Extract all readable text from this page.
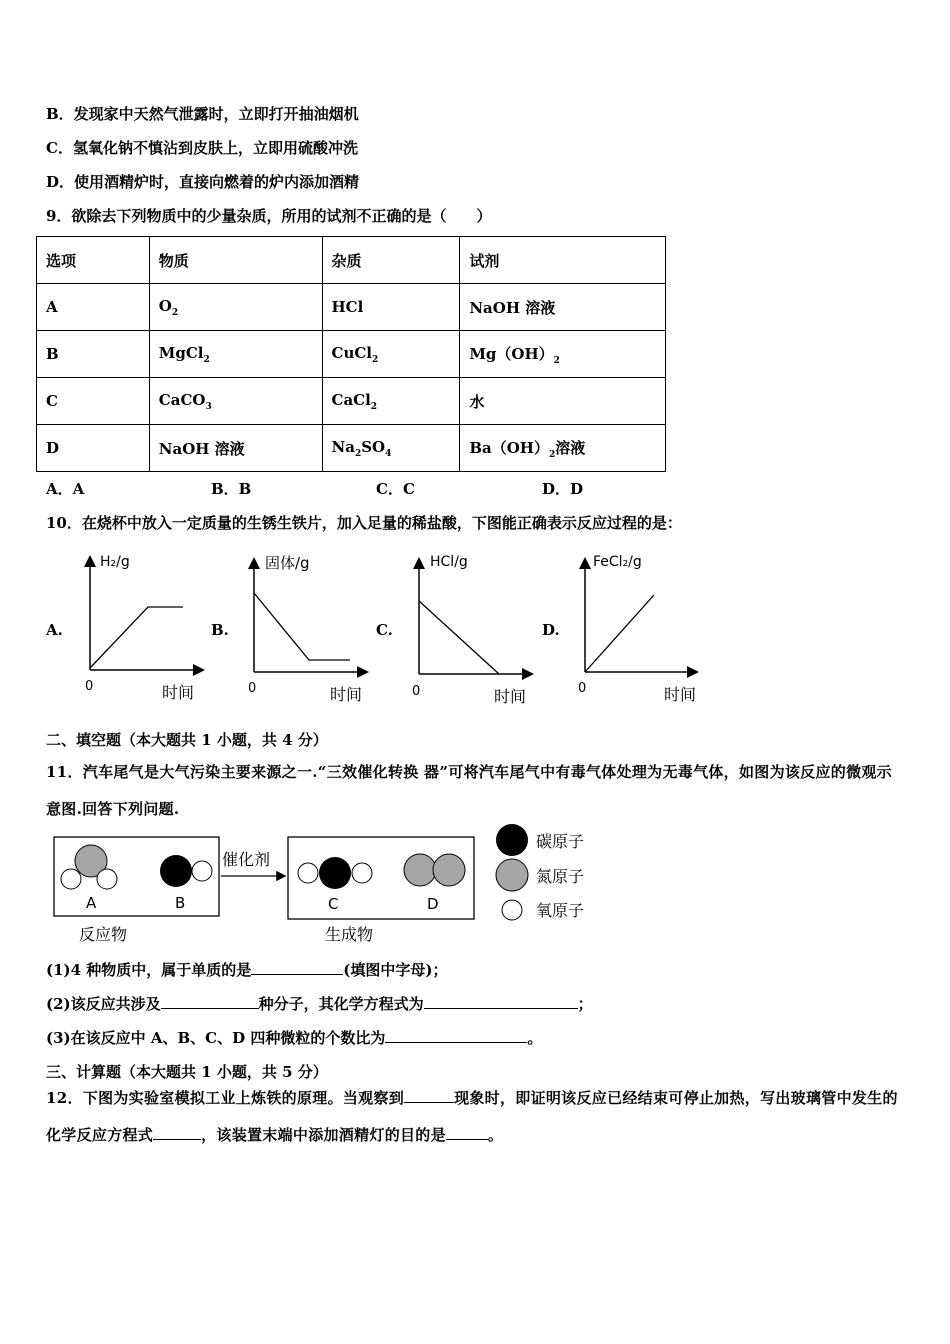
B．发现家中天然气泄露时，立即打开抽油烟机
C．氢氧化钠不慎沾到皮肤上，立即用硫酸冲洗
D．使用酒精炉时，直接向燃着的炉内添加酒精
9．欲除去下列物质中的少量杂质，所用的试剂不正确的是（　　）
选项	物质	杂质	试剂
A	$O_2$	HCl	NaOH 溶液
B	MgCl$_2$	CuCl$_2$	$Mg(OH)_2$
C	CaCO$_3$	CaCl$_2$	水
D	NaOH 溶液	$Na_2SO_4$	$Ba(OH)_2$溶液
A．A	B．B	C．C	D．D
10．在烧杯中放入一定质量的生锈生铁片，加入足量的稀盐酸，下图能正确表示反应过程的是：
A.	B.	C.	D.
H₂/g
0	时间
固体/g
0	时间
HCl/g
0	时间
FeCl₂/g
0	时间
二、填空题（本大题共 1 小题，共 4 分）
11．汽车尾气是大气污染主要来源之一.“三效催化转换 器”可将汽车尾气中有毒气体处理为无毒气体，如图为该反应的微观示意图.回答下列问题.
A	B
反应物
催化剂
C	D
生成物
碳原子
氮原子
氧原子
(1)4 种物质中，属于单质的是	(填图中字母)；
(2)该反应共涉及	种分子，其化学方程式为	；
(3)在该反应中 A、B、C、D 四种微粒的个数比为	。
三、计算题（本大题共 1 小题，共 5 分）
12．下图为实验室模拟工业上炼铁的原理。当观察到	现象时，即证明该反应已经结束可停止加热，写出玻璃管中发生的化学反应方程式	，该装置末端中添加酒精灯的目的是	。
